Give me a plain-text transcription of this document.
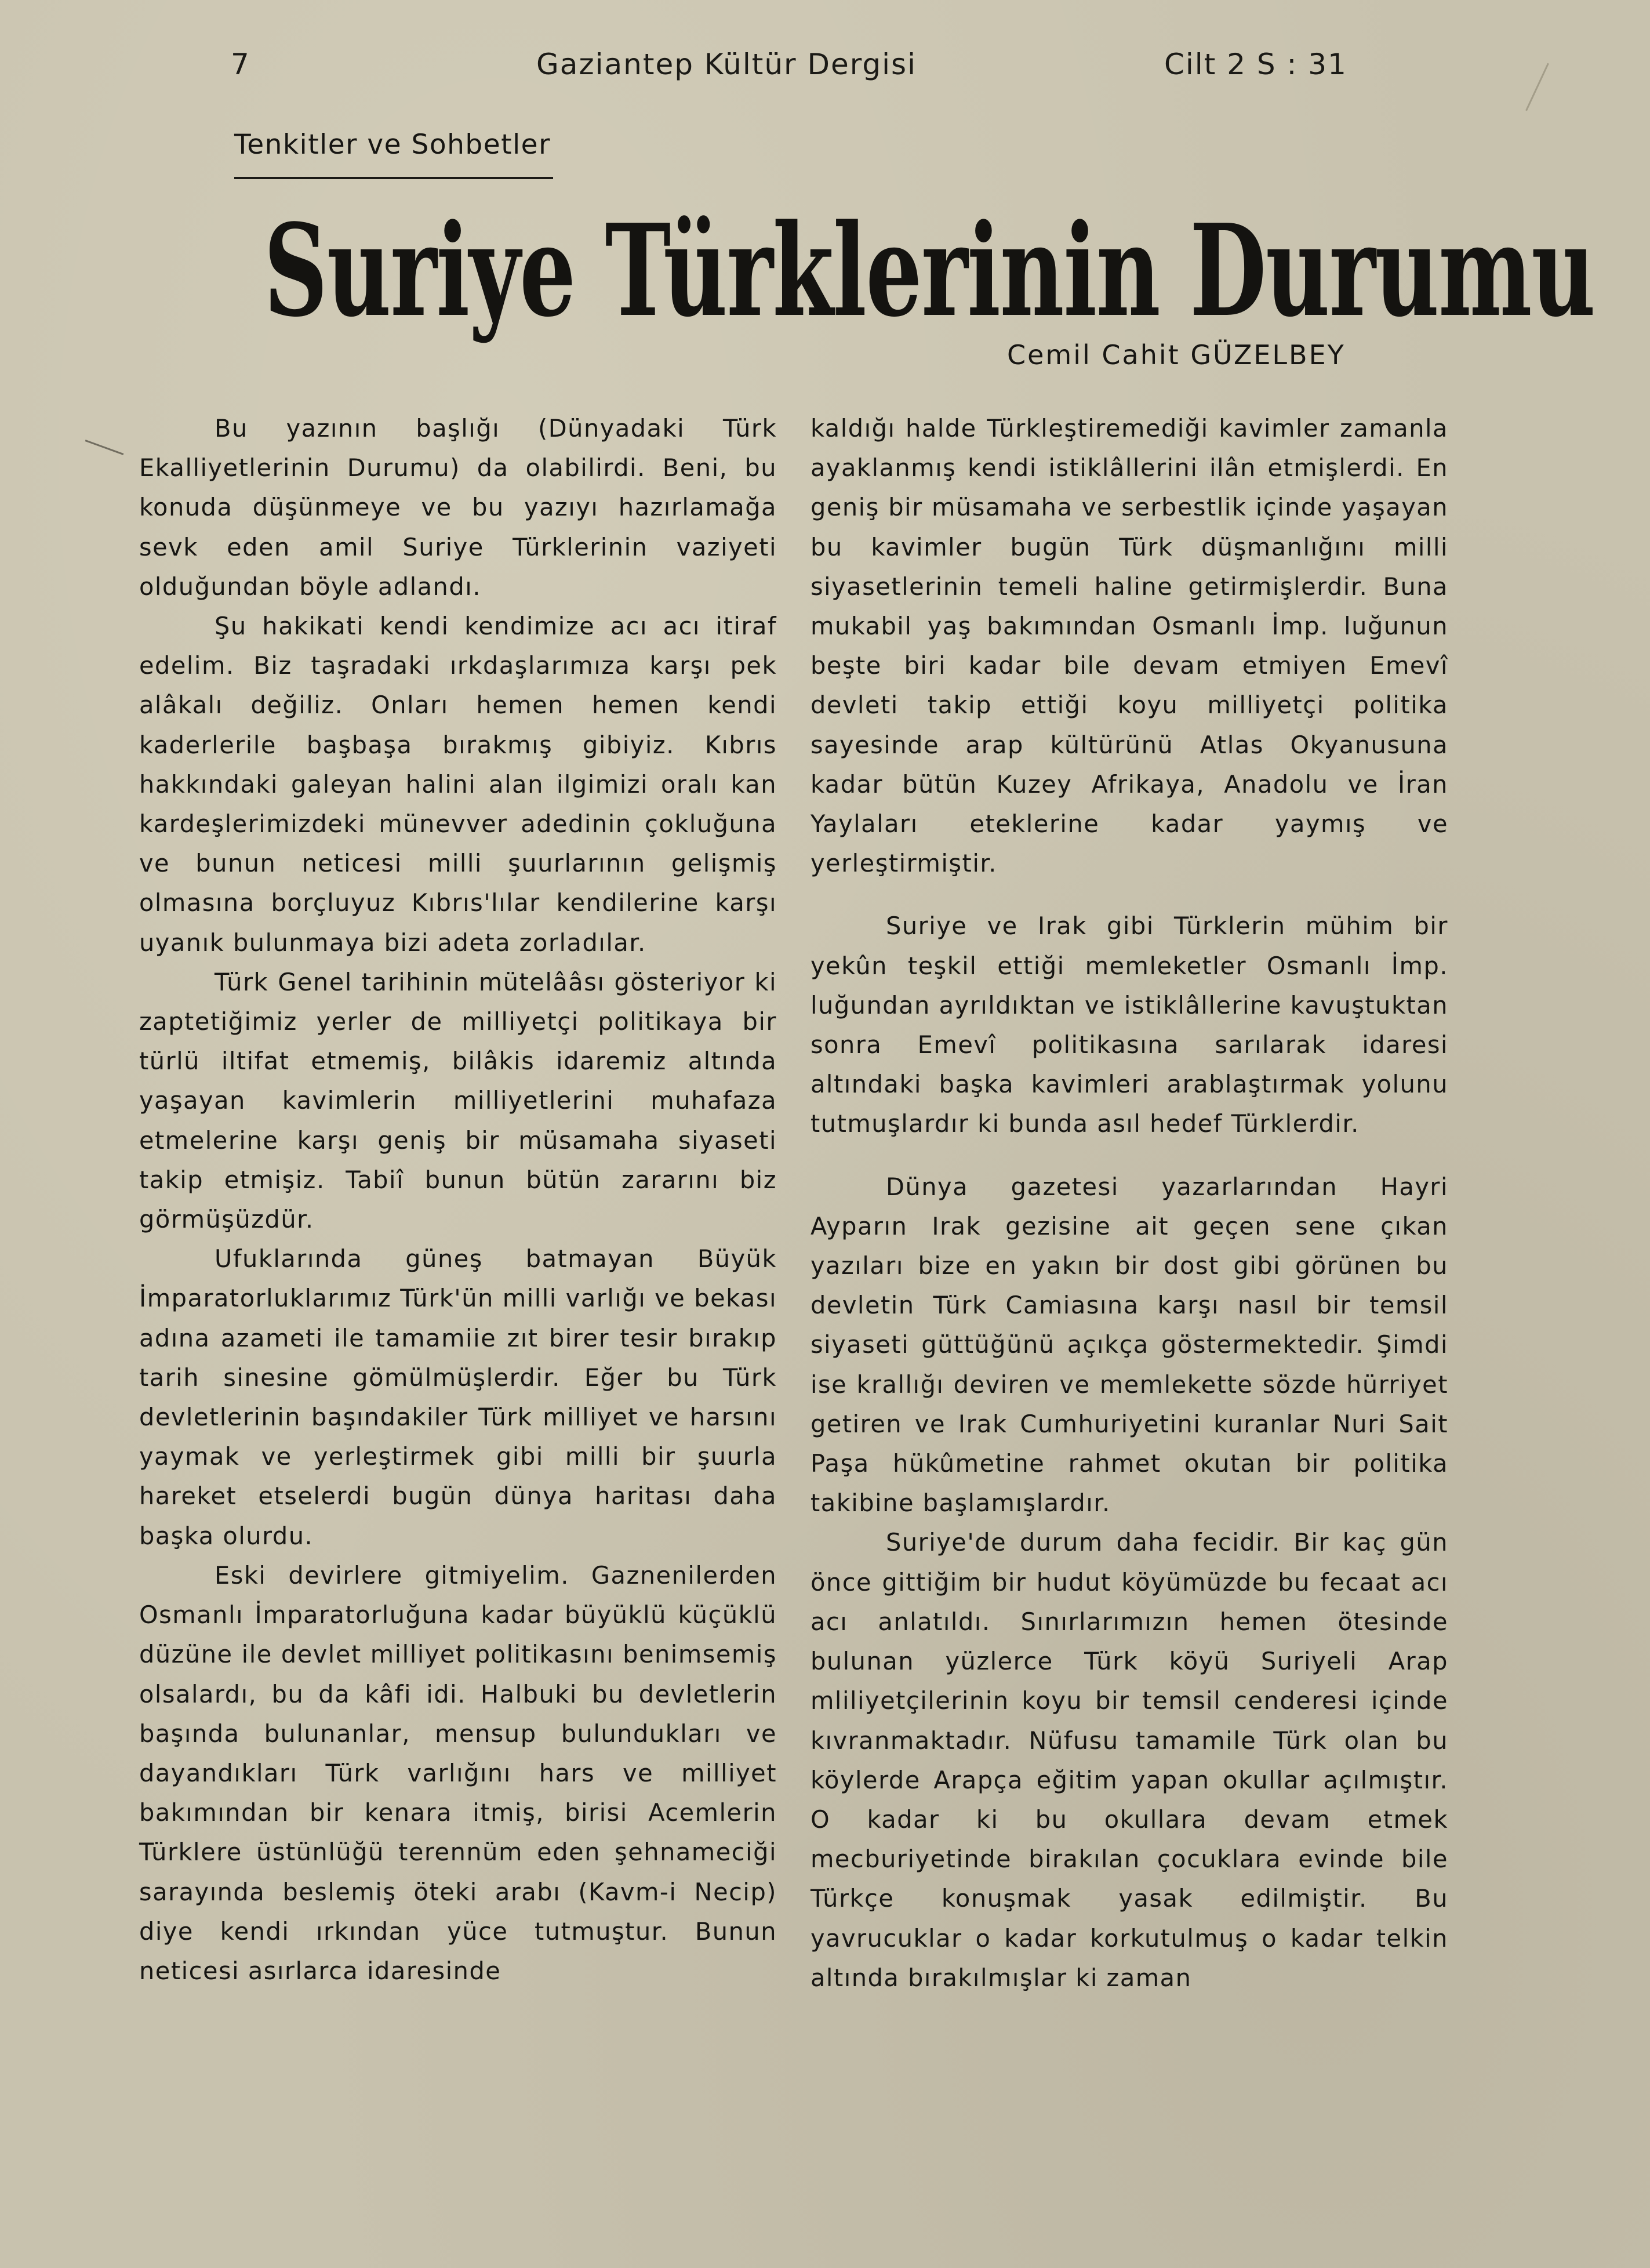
7	Gaziantep Kültür Dergisi	Cilt 2 S : 31
Tenkitler ve Sohbetler
Suriye Türklerinin Durumu
Cemil Cahit GÜZELBEY

Bu yazının başlığı (Dünyadaki Türk Ekalliyetlerinin Durumu) da olabilirdi. Beni, bu konuda düşünmeye ve bu yazıyı hazırlamağa sevk eden amil Suriye Türklerinin vaziyeti olduğundan böyle adlandı.

Şu hakikati kendi kendimize acı acı itiraf edelim. Biz taşradaki ırkdaşlarımıza karşı pek alâkalı değiliz. Onları hemen hemen kendi kaderlerile başbaşa bırakmış gibiyiz. Kıbrıs hakkındaki galeyan halini alan ilgimizi oralı kan kardeşlerimizdeki münevver adedinin çokluğuna ve bunun neticesi milli şuurlarının gelişmiş olmasına borçluyuz Kıbrıs'lılar kendilerine karşı uyanık bulunmaya bizi adeta zorladılar.

Türk Genel tarihinin mütelââsı gösteriyor ki zaptetiğimiz yerler de milliyetçi politikaya bir türlü iltifat etmemiş, bilâkis idaremiz altında yaşayan kavimlerin milliyetlerini muhafaza etmelerine karşı geniş bir müsamaha siyaseti takip etmişiz. Tabiî bunun bütün zararını biz görmüşüzdür.

Ufuklarında güneş batmayan Büyük İmparatorluklarımız Türk'ün milli varlığı ve bekası adına azameti ile tamamiie zıt birer tesir bırakıp tarih sinesine gömülmüşlerdir. Eğer bu Türk devletlerinin başındakiler Türk milliyet ve harsını yaymak ve yerleştirmek gibi milli bir şuurla hareket etselerdi bugün dünya haritası daha başka olurdu.

Eski devirlere gitmiyelim. Gaznenilerden Osmanlı İmparatorluğuna kadar büyüklü küçüklü düzüne ile devlet milliyet politikasını benimsemiş olsalardı, bu da kâfi idi. Halbuki bu devletlerin başında bulunanlar, mensup bulundukları ve dayandıkları Türk varlığını hars ve milliyet bakımından bir kenara itmiş, birisi Acemlerin Türklere üstünlüğü terennüm eden şehnameciği sarayında beslemiş öteki arabı (Kavm-i Necip) diye kendi ırkından yüce tutmuştur. Bunun neticesi asırlarca idaresinde

kaldığı halde Türkleştiremediği kavimler zamanla ayaklanmış kendi istiklâllerini ilân etmişlerdi. En geniş bir müsamaha ve serbestlik içinde yaşayan bu kavimler bugün Türk düşmanlığını milli siyasetlerinin temeli haline getirmişlerdir. Buna mukabil yaş bakımından Osmanlı İmp. luğunun beşte biri kadar bile devam etmiyen Emevî devleti takip ettiği koyu milliyetçi politika sayesinde arap kültürünü Atlas Okyanusuna kadar bütün Kuzey Afrikaya, Anadolu ve İran Yaylaları eteklerine kadar yaymış ve yerleştirmiştir.

Suriye ve Irak gibi Türklerin mühim bir yekûn teşkil ettiği memleketler Osmanlı İmp. luğundan ayrıldıktan ve istiklâllerine kavuştuktan sonra Emevî politikasına sarılarak idaresi altındaki başka kavimleri arablaştırmak yolunu tutmuşlardır ki bunda asıl hedef Türklerdir.

Dünya gazetesi yazarlarından Hayri Ayparın Irak gezisine ait geçen sene çıkan yazıları bize en yakın bir dost gibi görünen bu devletin Türk Camiasına karşı nasıl bir temsil siyaseti güttüğünü açıkça göstermektedir. Şimdi ise krallığı deviren ve memlekette sözde hürriyet getiren ve Irak Cumhuriyetini kuranlar Nuri Sait Paşa hükûmetine rahmet okutan bir politika takibine başlamışlardır.

Suriye'de durum daha fecidir. Bir kaç gün önce gittiğim bir hudut köyümüzde bu fecaat acı acı anlatıldı. Sınırlarımızın hemen ötesinde bulunan yüzlerce Türk köyü Suriyeli Arap mliliyetçilerinin koyu bir temsil cenderesi içinde kıvranmaktadır. Nüfusu tamamile Türk olan bu köylerde Arapça eğitim yapan okullar açılmıştır. O kadar ki bu okullara devam etmek mecburiyetinde birakılan çocuklara evinde bile Türkçe konuşmak yasak edilmiştir. Bu yavrucuklar o kadar korkutulmuş o kadar telkin altında bırakılmışlar ki zaman
